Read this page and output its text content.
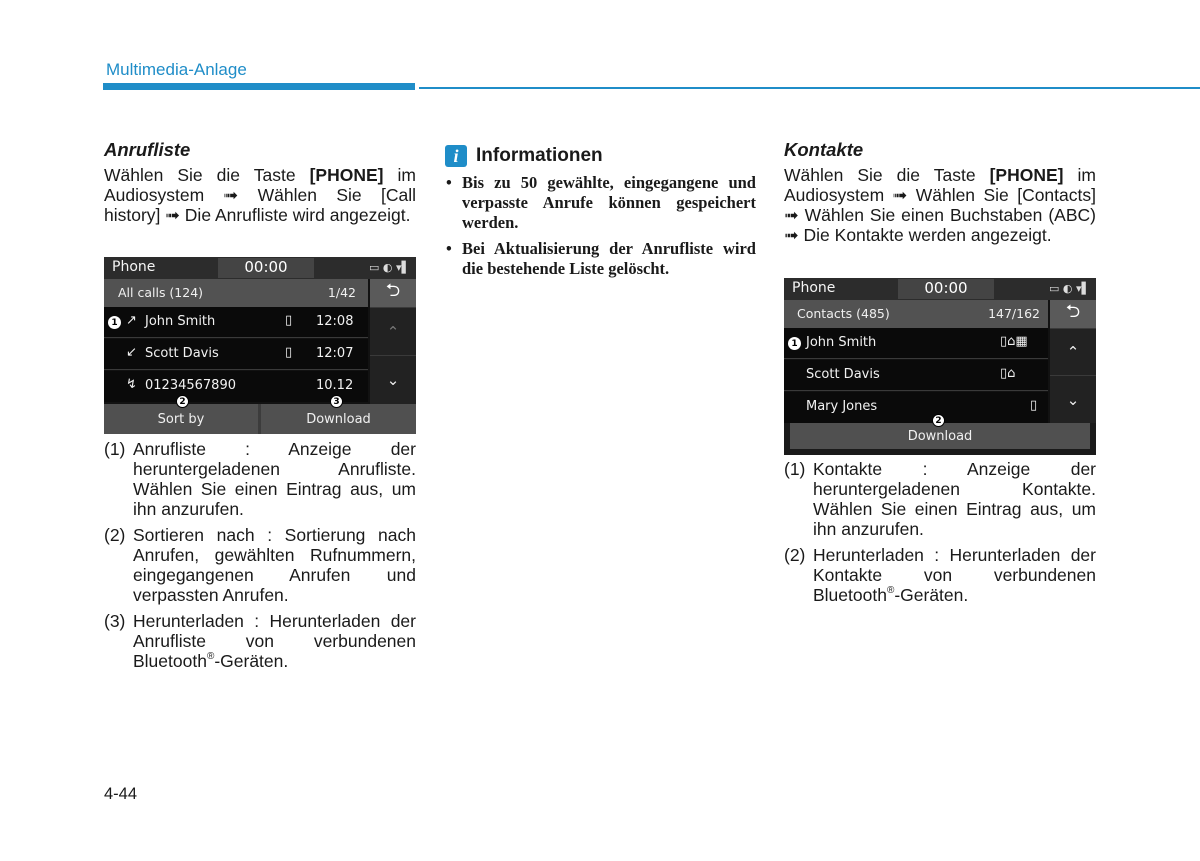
Multimedia-Anlage
Anrufliste

Wählen Sie die Taste [PHONE] im Audiosystem ➟ Wählen Sie [Call history] ➟ Die Anrufliste wird angezeigt.

(1) Anrufliste : Anzeige der heruntergeladenen Anrufliste. Wählen Sie einen Eintrag aus, um ihn anzurufen.
(2) Sortieren nach : Sortierung nach Anrufen, gewählten Rufnummern, eingegangenen Anrufen und verpassten Anrufen.
(3) Herunterladen : Herunterladen der Anrufliste von verbundenen Bluetooth®-Geräten.
Phone	00:00	▭ ◐ ▾▌
All calls (124)	1/42	⮌
⌃
⌄
1 ↗ John Smith	▯ 12:08
↙ Scott Davis	▯ 12:07
↯ 01234567890	10.12
Sort by	Download
2	3
i Informationen
• Bis zu 50 gewählte, eingegangene und verpasste Anrufe können gespeichert werden.
• Bei Aktualisierung der Anrufliste wird die bestehende Liste gelöscht.
Kontakte

Wählen Sie die Taste [PHONE] im Audiosystem ➟ Wählen Sie [Contacts] ➟ Wählen Sie einen Buchstaben (ABC) ➟ Die Kontakte werden angezeigt.

(1) Kontakte : Anzeige der heruntergeladenen Kontakte. Wählen Sie einen Eintrag aus, um ihn anzurufen.
(2) Herunterladen : Herunterladen der Kontakte von verbundenen Bluetooth®-Geräten.
Phone	00:00	▭ ◐ ▾▌
Contacts (485)	147/162	⮌
⌃
⌄
1 John Smith	▯⌂▦
Scott Davis	▯⌂
Mary Jones	▯
Download
2
4-44
